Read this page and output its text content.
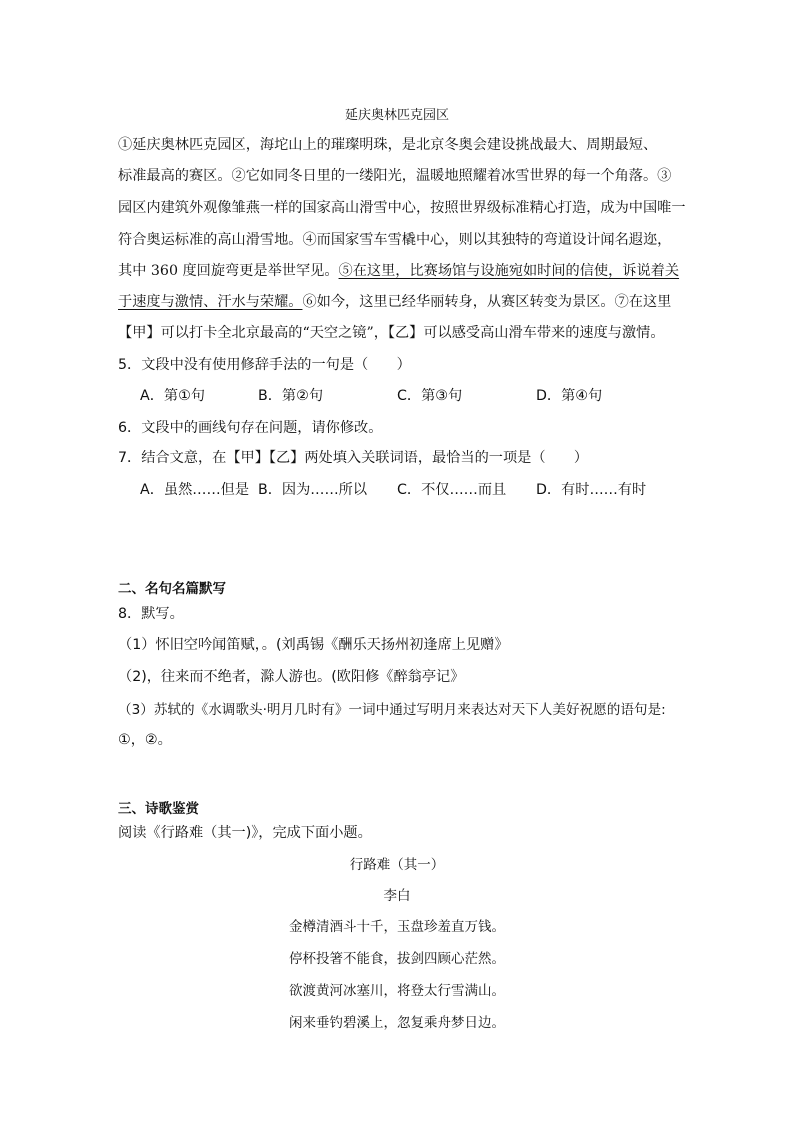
延庆奥林匹克园区
①延庆奥林匹克园区，海坨山上的璀璨明珠，是北京冬奥会建设挑战最大、周期最短、
标准最高的赛区。②它如同冬日里的一缕阳光，温暖地照耀着冰雪世界的每一个角落。③
园区内建筑外观像雏燕一样的国家高山滑雪中心，按照世界级标准精心打造，成为中国唯一
符合奥运标准的高山滑雪地。④而国家雪车雪橇中心，则以其独特的弯道设计闻名遐迩，
其中 360 度回旋弯更是举世罕见。⑤在这里，比赛场馆与设施宛如时间的信使，诉说着关
于速度与激情、汗水与荣耀。⑥如今，这里已经华丽转身，从赛区转变为景区。⑦在这里
【甲】可以打卡全北京最高的“天空之镜”，【乙】可以感受高山滑车带来的速度与激情。
5．文段中没有使用修辞手法的一句是（　　）
A．第①句	B．第②句	C．第③句	D．第④句
6．文段中的画线句存在问题，请你修改。
7．结合文意，在【甲】【乙】两处填入关联词语，最恰当的一项是（　　）
A．虽然……但是 B．因为……所以 C．不仅……而且 D．有时……有时
二、名句名篇默写
8．默写。
（1）怀旧空吟闻笛赋，。(刘禹锡《酬乐天扬州初逢席上见赠》
（2)，往来而不绝者，滁人游也。(欧阳修《醉翁亭记》
（3）苏轼的《水调歌头·明月几时有》一词中通过写明月来表达对天下人美好祝愿的语句是:
①，②。
三、诗歌鉴赏
阅读《行路难（其一)》，完成下面小题。
行路难（其一）
李白
金樽清酒斗十千，玉盘珍羞直万钱。
停杯投箸不能食，拔剑四顾心茫然。
欲渡黄河冰塞川，将登太行雪满山。
闲来垂钓碧溪上，忽复乘舟梦日边。
